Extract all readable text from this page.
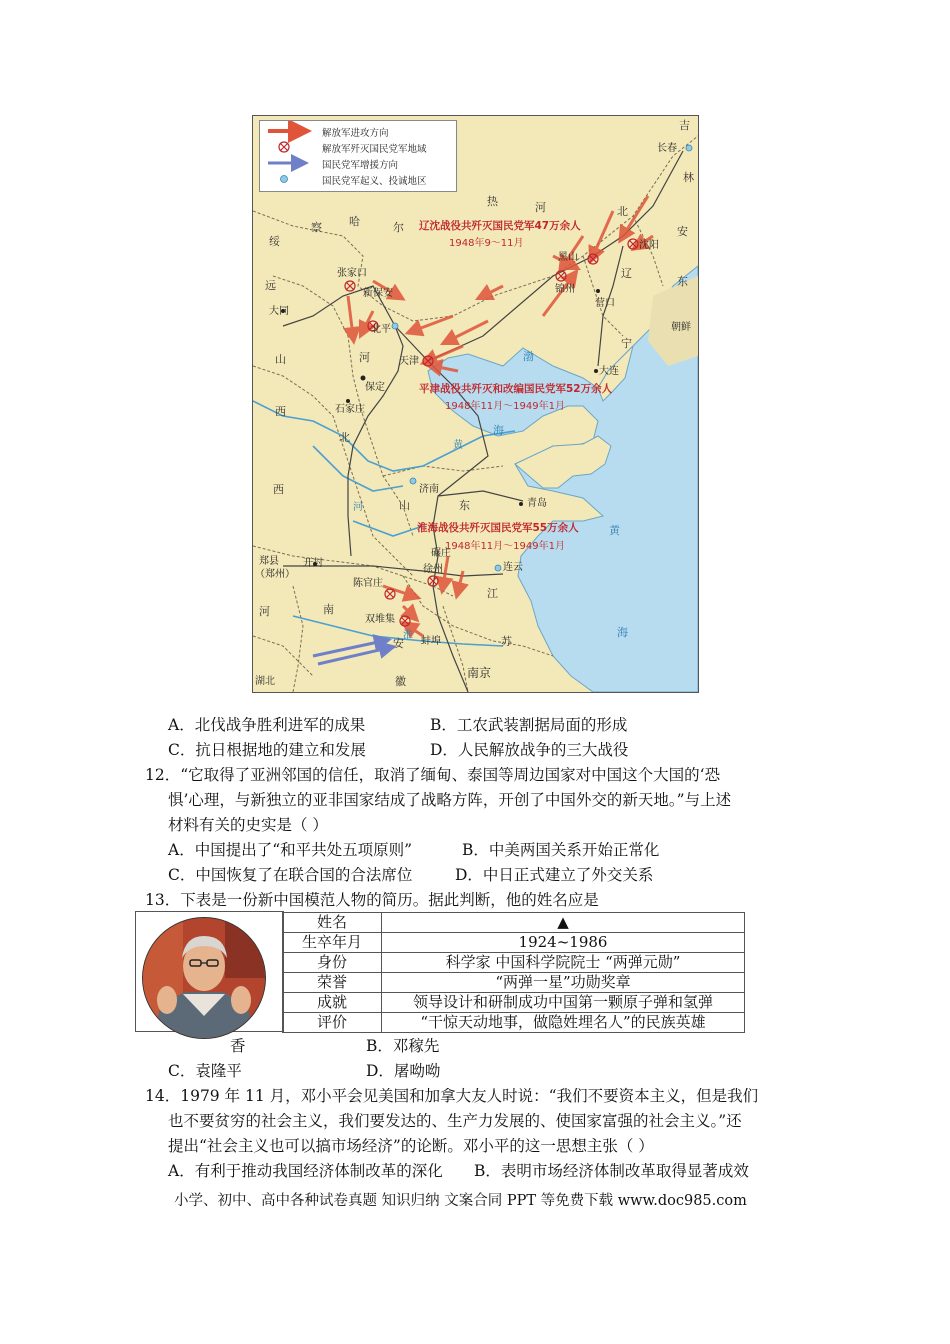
解放军进攻方向
解放军歼灭国民党军地域
国民党军增援方向
国民党军起义、投诚地区
辽沈战役共歼灭国民党军47万余人
1948年9～11月
平津战役共歼灭和改编国民党军52万余人
1948年11月～1949年1月
淮海战役共歼灭国民党军55万余人
1948年11月～1949年1月
长春
沈阳
黑山
锦州
营口
大连
张家口
新保安
大同
北平
天津
保定
石家庄
济南
青岛
郑县
（郑州）
开封
碾庄
徐州
陈官庄
连云
双堆集
蚌埠
南京
朝鲜
吉
林
热	河	北
安
东
辽
宁
绥
远
察 哈	尔
山
西
河
北
西
山	东
河	南
江
苏
安
徽
湖北
渤
海
黄
海
黄
河
淮
A．北伐战争胜利进军的成果	B．工农武装割据局面的形成
C．抗日根据地的建立和发展	D．人民解放战争的三大战役
12．“它取得了亚洲邻国的信任，取消了缅甸、泰国等周边国家对中国这个大国的‘恐
惧’心理，与新独立的亚非国家结成了战略方阵，开创了中国外交的新天地。”与上述
材料有关的史实是（ ）
A．中国提出了“和平共处五项原则”	B．中美两国关系开始正常化
C．中国恢复了在联合国的合法席位	D．中日正式建立了外交关系
13．下表是一份新中国模范人物的简历。据此判断，他的姓名应是
姓名	▲
生卒年月	1924~1986
身份	科学家 中国科学院院士 “两弹元勋”
荣誉	“两弹一星”功勋奖章
成就	领导设计和研制成功中国第一颗原子弹和氢弹
评价	“干惊天动地事，做隐姓埋名人”的民族英雄
香	B．邓稼先
C．袁隆平	D．屠呦呦
14．1979 年 11 月，邓小平会见美国和加拿大友人时说：“我们不要资本主义，但是我们
也不要贫穷的社会主义，我们要发达的、生产力发展的、使国家富强的社会主义。”还
提出“社会主义也可以搞市场经济”的论断。邓小平的这一思想主张（ ）
A．有利于推动我国经济体制改革的深化 B．表明市场经济体制改革取得显著成效
小学、初中、高中各种试卷真题 知识归纳 文案合同 PPT 等免费下载 www.doc985.com
